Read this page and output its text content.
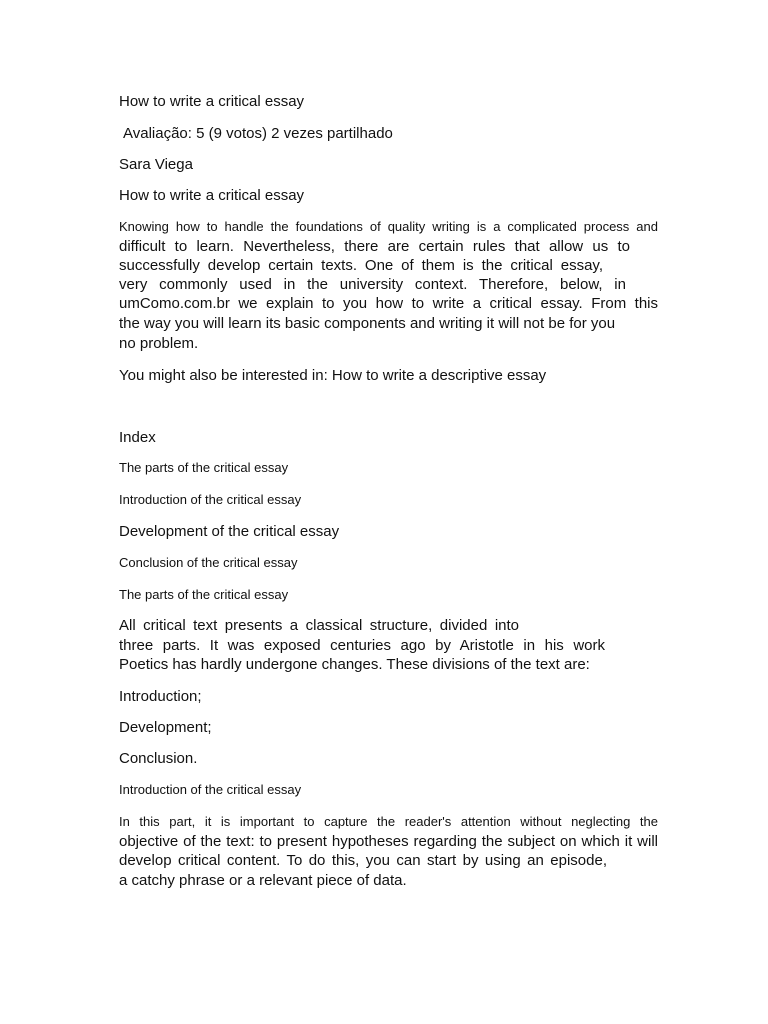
How to write a critical essay

Avaliação: 5 (9 votos) 2 vezes partilhado

Sara Viega

How to write a critical essay

Knowing how to handle the foundations of quality writing is a complicated process and

difficult to learn. Nevertheless, there are certain rules that allow us to

successfully develop certain texts. One of them is the critical essay,

very commonly used in the university context. Therefore, below, in

umComo.com.br we explain to you how to write a critical essay. From this

the way you will learn its basic components and writing it will not be for you

no problem.

You might also be interested in: How to write a descriptive essay

Index

The parts of the critical essay

Introduction of the critical essay

Development of the critical essay

Conclusion of the critical essay

The parts of the critical essay

All critical text presents a classical structure, divided into

three parts. It was exposed centuries ago by Aristotle in his work

Poetics has hardly undergone changes. These divisions of the text are:

Introduction;

Development;

Conclusion.

Introduction of the critical essay

In this part, it is important to capture the reader's attention without neglecting the

objective of the text: to present hypotheses regarding the subject on which it will

develop critical content. To do this, you can start by using an episode,

a catchy phrase or a relevant piece of data.
